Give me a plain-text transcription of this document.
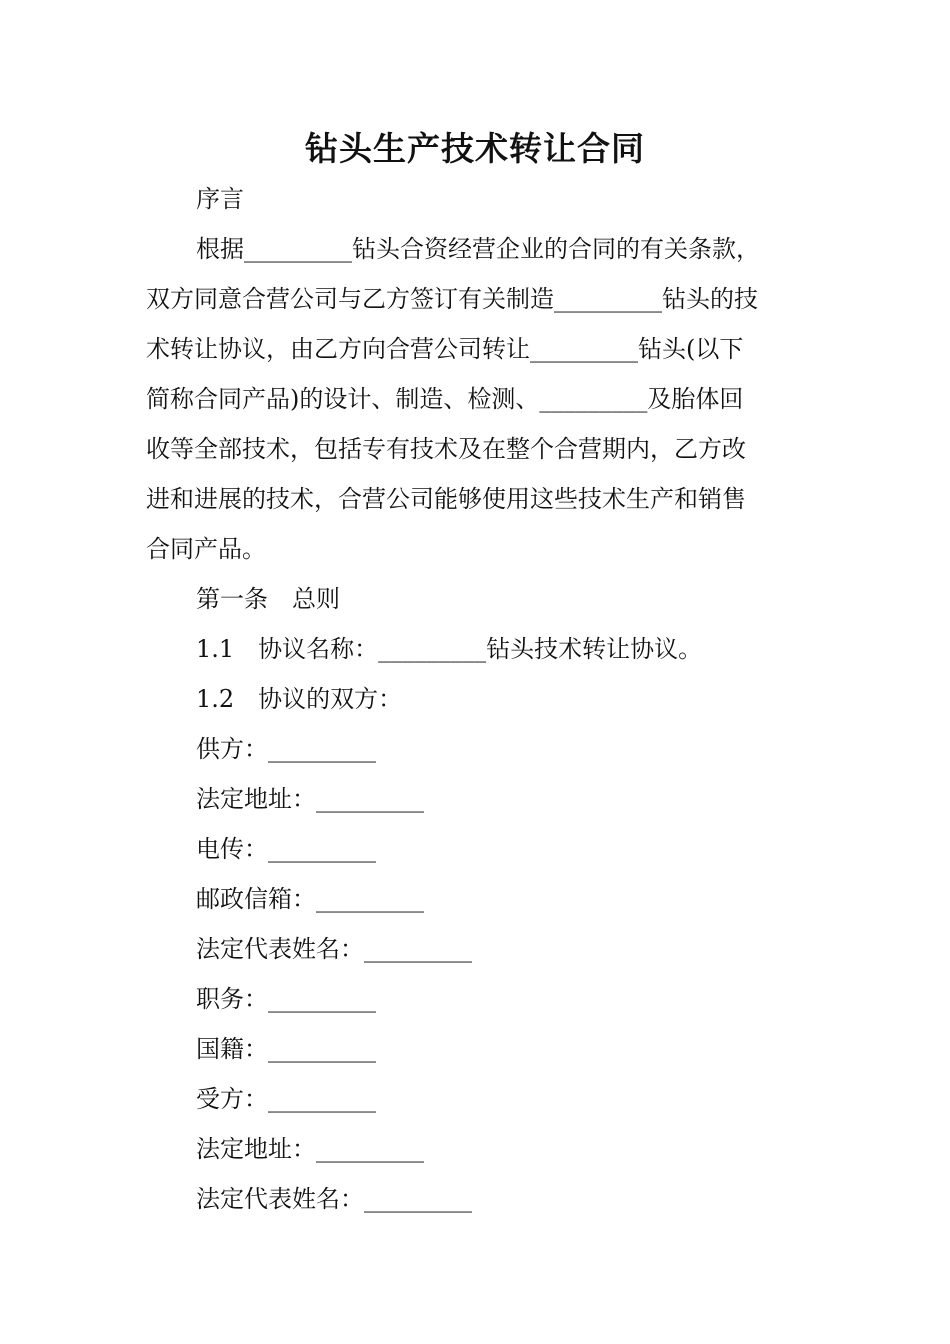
钻头生产技术转让合同
序言
根据_________钻头合资经营企业的合同的有关条款，
双方同意合营公司与乙方签订有关制造_________钻头的技
术转让协议，由乙方向合营公司转让_________钻头(以下
简称合同产品)的设计、制造、检测、_________及胎体回
收等全部技术，包括专有技术及在整个合营期内，乙方改
进和进展的技术，合营公司能够使用这些技术生产和销售
合同产品。
第一条　总则
1.1　协议名称：_________钻头技术转让协议。
1.2　协议的双方：
供方：_________
法定地址：_________
电传：_________
邮政信箱：_________
法定代表姓名：_________
职务：_________
国籍：_________
受方：_________
法定地址：_________
法定代表姓名：_________
